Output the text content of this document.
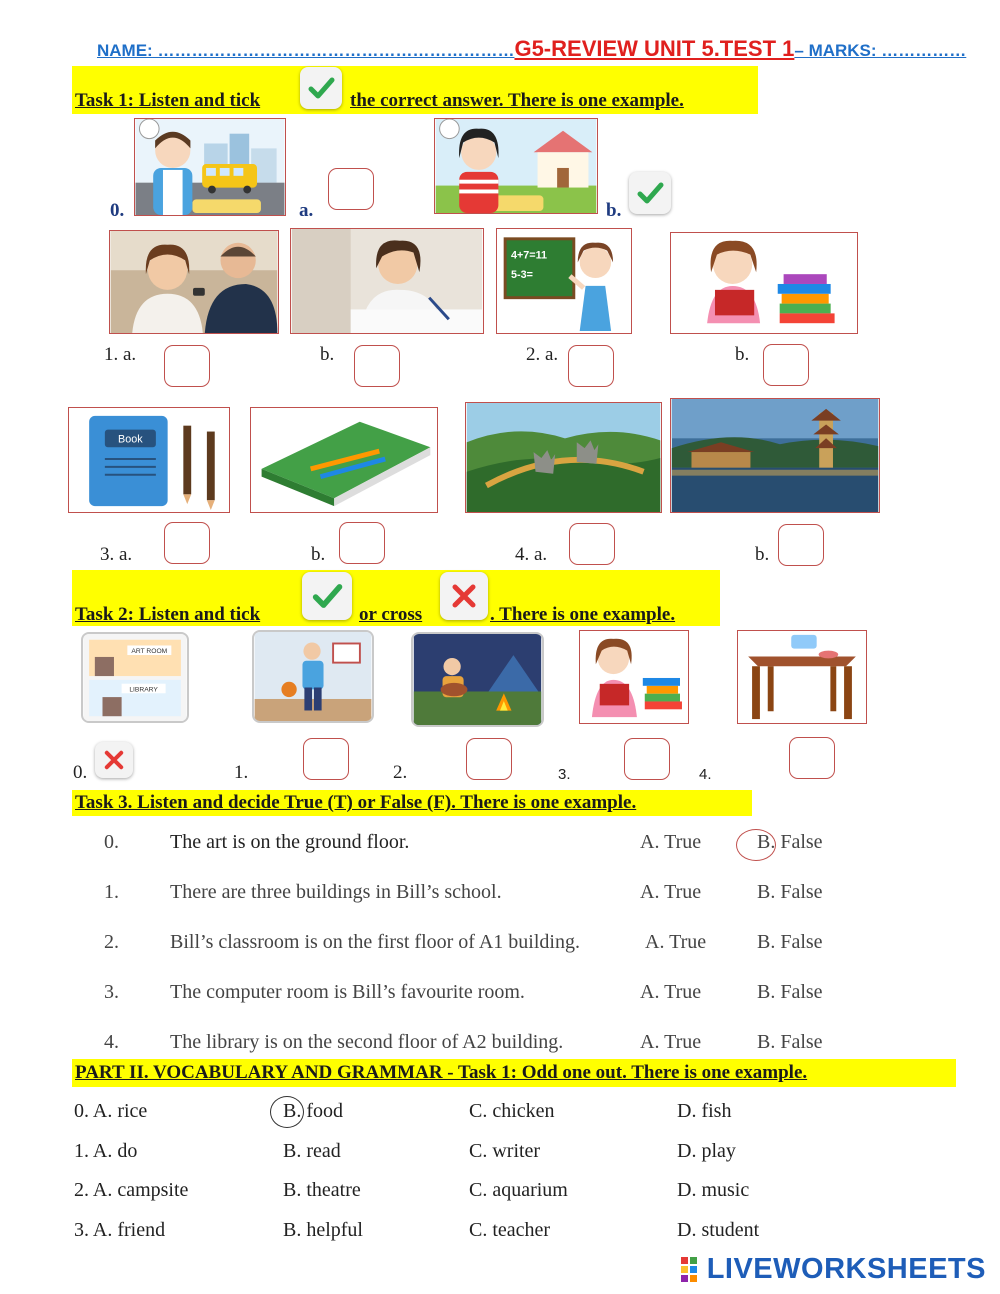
NAME: ………………………………………………………G5-REVIEW UNIT 5.TEST 1– MARKS: ……………
Task 1: Listen and tick	the correct answer. There is one example.
0.	a.	b.
4+7=11
5-3=
1. a.	b.	2. a.	b.
Book
3. a.	b.	4. a.	b.
Task 2: Listen and tick	or cross	. There is one example.
ART ROOM
LIBRARY
0.	1.	2.	3.	4.
Task 3. Listen and decide True (T) or False (F). There is one example.
0.	The art is on the ground floor.	A. True	B. False
1.	There are three buildings in Bill’s school.	A. True	B. False
2.	Bill’s classroom is on the first floor of A1 building.	A. True	B. False
3.	The computer room is Bill’s favourite room.	A. True	B. False
4.	The library is on the second floor of A2 building.	A. True	B. False
PART II. VOCABULARY AND GRAMMAR - Task 1: Odd one out. There is one example.
0. A. rice	B. food	C. chicken	D. fish
1. A. do	B. read	C. writer	D. play
2. A. campsite	B. theatre	C. aquarium	D. music
3. A. friend	B. helpful	C. teacher	D. student
LIVEWORKSHEETS
